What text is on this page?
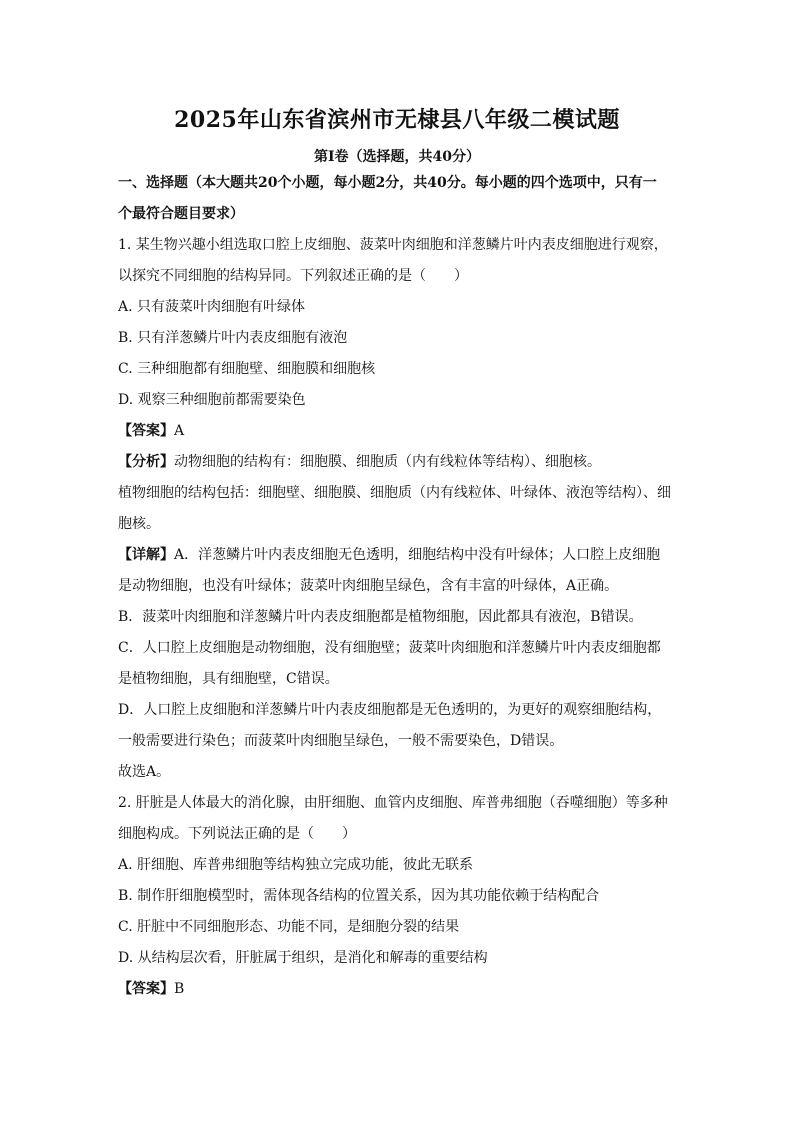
2025年山东省滨州市无棣县八年级二模试题
第Ⅰ卷（选择题，共40分）
一、选择题（本大题共20个小题，每小题2分，共40分。每小题的四个选项中，只有一
个最符合题目要求）
1. 某生物兴趣小组选取口腔上皮细胞、菠菜叶肉细胞和洋葱鳞片叶内表皮细胞进行观察，
以探究不同细胞的结构异同。下列叙述正确的是（　　）
A. 只有菠菜叶肉细胞有叶绿体
B. 只有洋葱鳞片叶内表皮细胞有液泡
C. 三种细胞都有细胞壁、细胞膜和细胞核
D. 观察三种细胞前都需要染色
【答案】A
【分析】动物细胞的结构有：细胞膜、细胞质（内有线粒体等结构）、细胞核。
植物细胞的结构包括：细胞壁、细胞膜、细胞质（内有线粒体、叶绿体、液泡等结构）、细
胞核。
【详解】A．洋葱鳞片叶内表皮细胞无色透明，细胞结构中没有叶绿体；人口腔上皮细胞
是动物细胞，也没有叶绿体；菠菜叶肉细胞呈绿色，含有丰富的叶绿体，A正确。
B．菠菜叶肉细胞和洋葱鳞片叶内表皮细胞都是植物细胞，因此都具有液泡，B错误。
C．人口腔上皮细胞是动物细胞，没有细胞壁；菠菜叶肉细胞和洋葱鳞片叶内表皮细胞都
是植物细胞，具有细胞壁，C错误。
D．人口腔上皮细胞和洋葱鳞片叶内表皮细胞都是无色透明的，为更好的观察细胞结构，
一般需要进行染色；而菠菜叶肉细胞呈绿色，一般不需要染色，D错误。
故选A。
2. 肝脏是人体最大的消化腺，由肝细胞、血管内皮细胞、库普弗细胞（吞噬细胞）等多种
细胞构成。下列说法正确的是（　　）
A. 肝细胞、库普弗细胞等结构独立完成功能，彼此无联系
B. 制作肝细胞模型时，需体现各结构的位置关系，因为其功能依赖于结构配合
C. 肝脏中不同细胞形态、功能不同，是细胞分裂的结果
D. 从结构层次看，肝脏属于组织，是消化和解毒的重要结构
【答案】B
